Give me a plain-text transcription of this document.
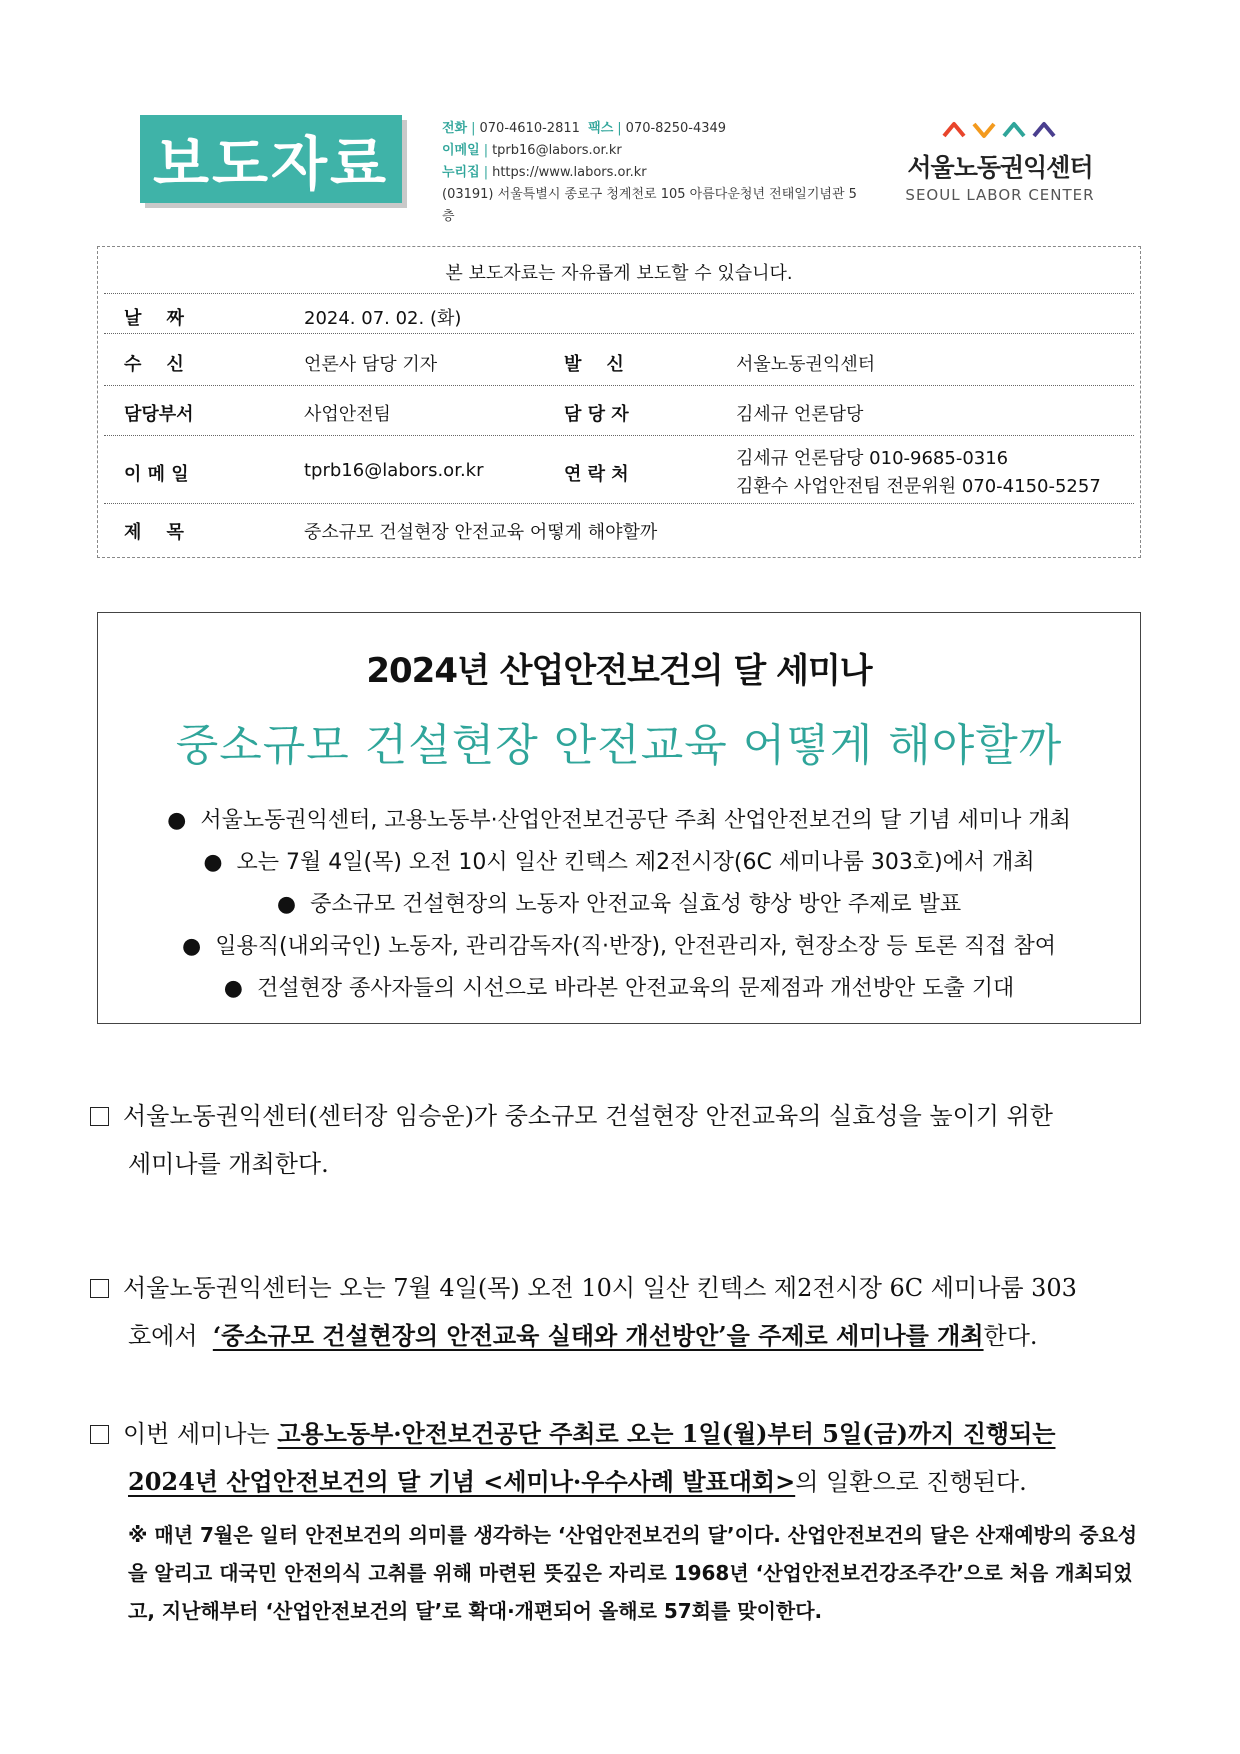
보도자료
전화 | 070-4610-2811 팩스 | 070-8250-4349
이메일 | tprb16@labors.or.kr
누리집 | https://www.labors.or.kr
(03191) 서울특별시 종로구 청계천로 105 아름다운청년 전태일기념관 5층
서울노동권익센터
SEOUL LABOR CENTER
본 보도자료는 자유롭게 보도할 수 있습니다.
날    짜	2024. 07. 02. (화)
수    신	언론사 담당 기자	발    신	서울노동권익센터
담당부서	사업안전팀	담 당 자	김세규 언론담당
이 메 일	tprb16@labors.or.kr	연 락 처
김세규 언론담당 010-9685-0316
김환수 사업안전팀 전문위원 070-4150-5257
제    목	중소규모 건설현장 안전교육 어떻게 해야할까
2024년 산업안전보건의 달 세미나
중소규모 건설현장 안전교육 어떻게 해야할까
● 서울노동권익센터, 고용노동부·산업안전보건공단 주최 산업안전보건의 달 기념 세미나 개최
● 오는 7월 4일(목) 오전 10시 일산 킨텍스 제2전시장(6C 세미나룸 303호)에서 개최
● 중소규모 건설현장의 노동자 안전교육 실효성 향상 방안 주제로 발표
● 일용직(내외국인) 노동자, 관리감독자(직·반장), 안전관리자, 현장소장 등 토론 직접 참여
● 건설현장 종사자들의 시선으로 바라본 안전교육의 문제점과 개선방안 도출 기대
서울노동권익센터(센터장 임승운)가 중소규모 건설현장 안전교육의 실효성을 높이기 위한
세미나를 개최한다.
서울노동권익센터는 오는 7월 4일(목) 오전 10시 일산 킨텍스 제2전시장 6C 세미나룸 303
호에서 ‘중소규모 건설현장의 안전교육 실태와 개선방안’을 주제로 세미나를 개최한다.
이번 세미나는 고용노동부·안전보건공단 주최로 오는 1일(월)부터 5일(금)까지 진행되는
2024년 산업안전보건의 달 기념 <세미나·우수사례 발표대회>의 일환으로 진행된다.
※ 매년 7월은 일터 안전보건의 의미를 생각하는 ‘산업안전보건의 달’이다. 산업안전보건의 달은 산재예방의 중요성을 알리고 대국민 안전의식 고취를 위해 마련된 뜻깊은 자리로 1968년 ‘산업안전보건강조주간’으로 처음 개최되었고, 지난해부터 ‘산업안전보건의 달’로 확대·개편되어 올해로 57회를 맞이한다.
